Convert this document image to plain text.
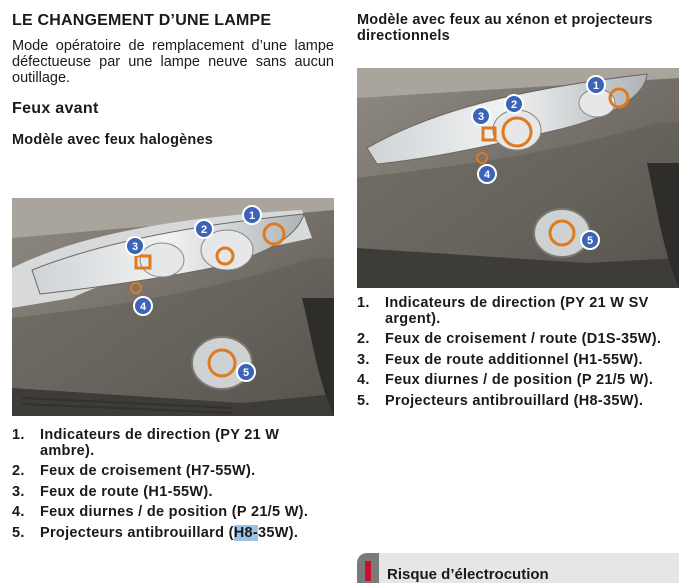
LE CHANGEMENT D’UNE LAMPE

Mode opératoire de remplacement d’une lampe défectueuse par une lampe neuve sans aucun outillage.

Feux avant
Modèle avec feux halogènes
1
2
3
4
5
1. Indicateurs de direction (PY 21 W ambre).
2. Feux de croisement (H7-55W).
3. Feux de route (H1-55W).
4. Feux diurnes / de position (P 21/5 W).
5. Projecteurs antibrouillard (H8-35W).
Modèle avec feux au xénon et projecteurs directionnels
1
2
3
4
5
1. Indicateurs de direction (PY 21 W SV argent).
2. Feux de croisement / route (D1S-35W).
3. Feux de route additionnel (H1-55W).
4. Feux diurnes / de position (P 21/5 W).
5. Projecteurs antibrouillard (H8-35W).
Risque d’électrocution
